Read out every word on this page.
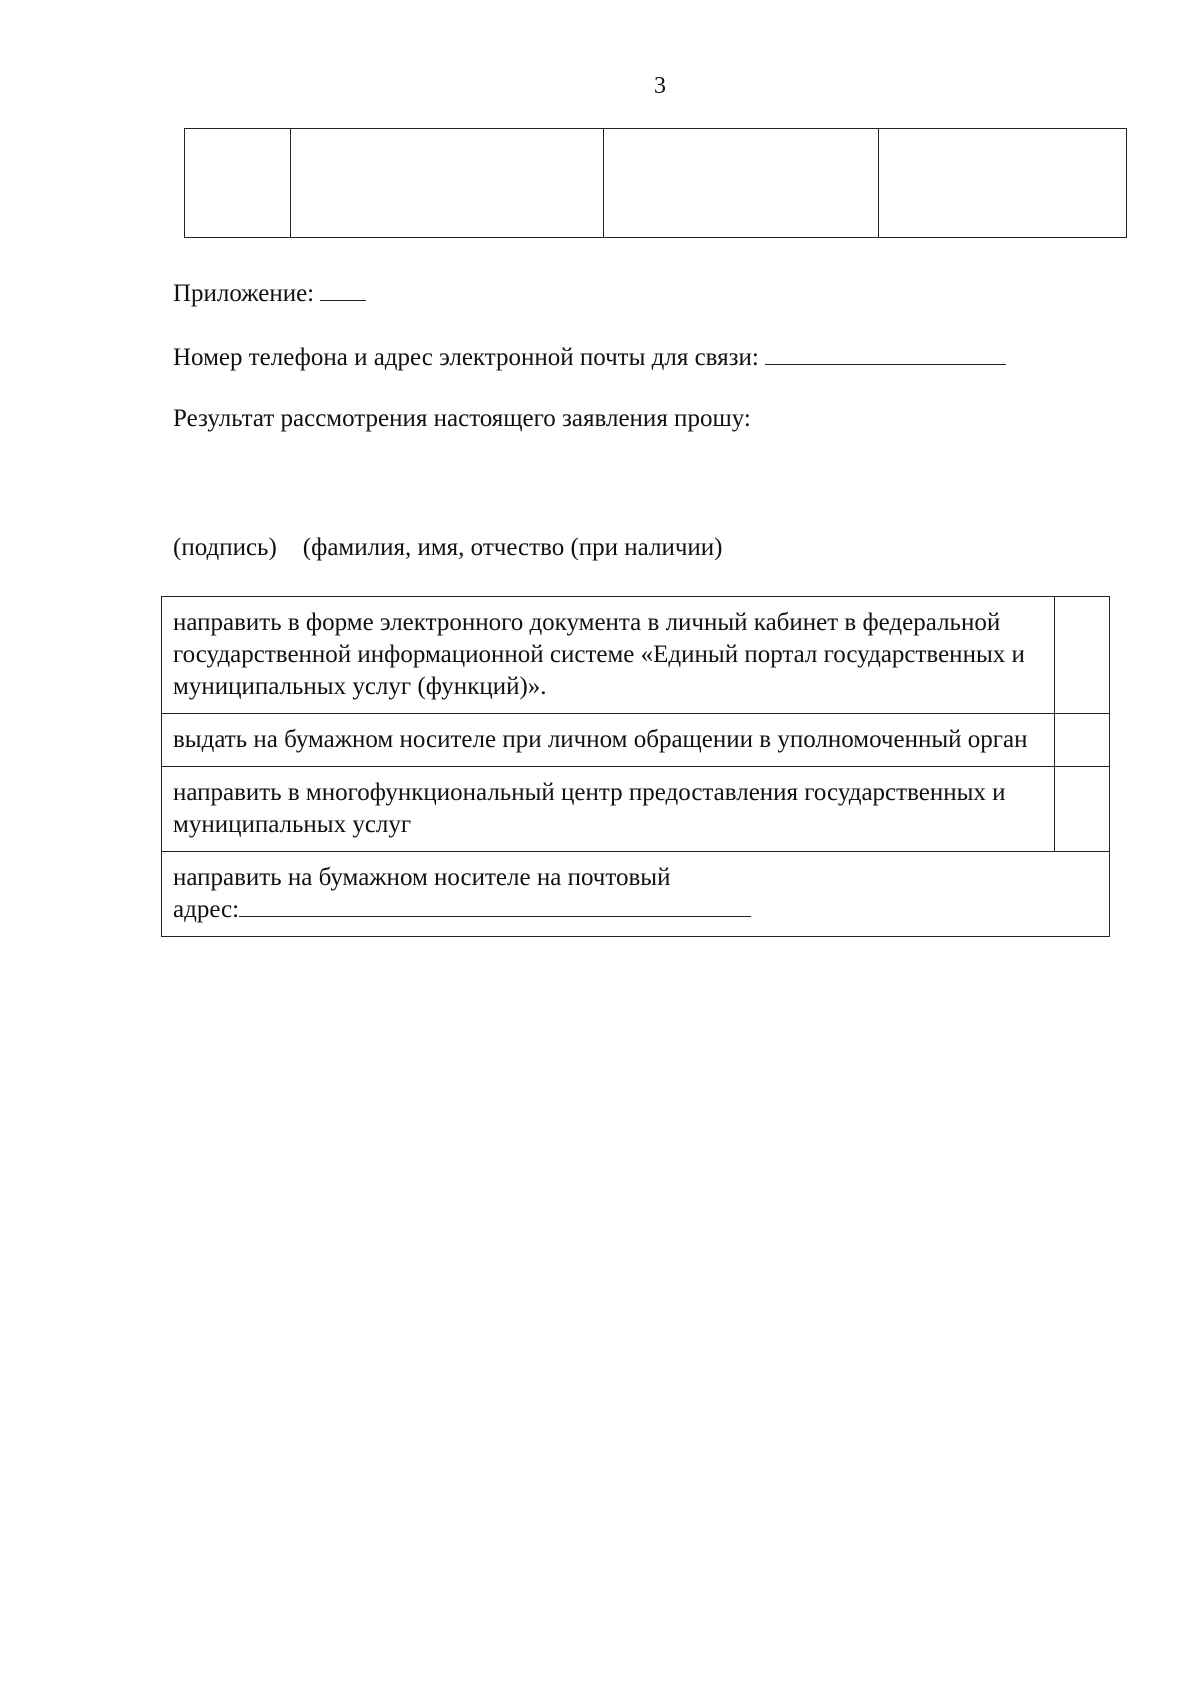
3

Приложение:
Номер телефона и адрес электронной почты для связи:
Результат рассмотрения настоящего заявления прошу:
(подпись) (фамилия, имя, отчество (при наличии)
направить в форме электронного документа в личный кабинет в федеральной государственной информационной системе «Единый портал государственных и муниципальных услуг (функций)».	
выдать на бумажном носителе при личном обращении в уполномоченный орган	
направить в многофункциональный центр предоставления государственных и муниципальных услуг	

направить на бумажном носителе на почтовый
адрес:	
